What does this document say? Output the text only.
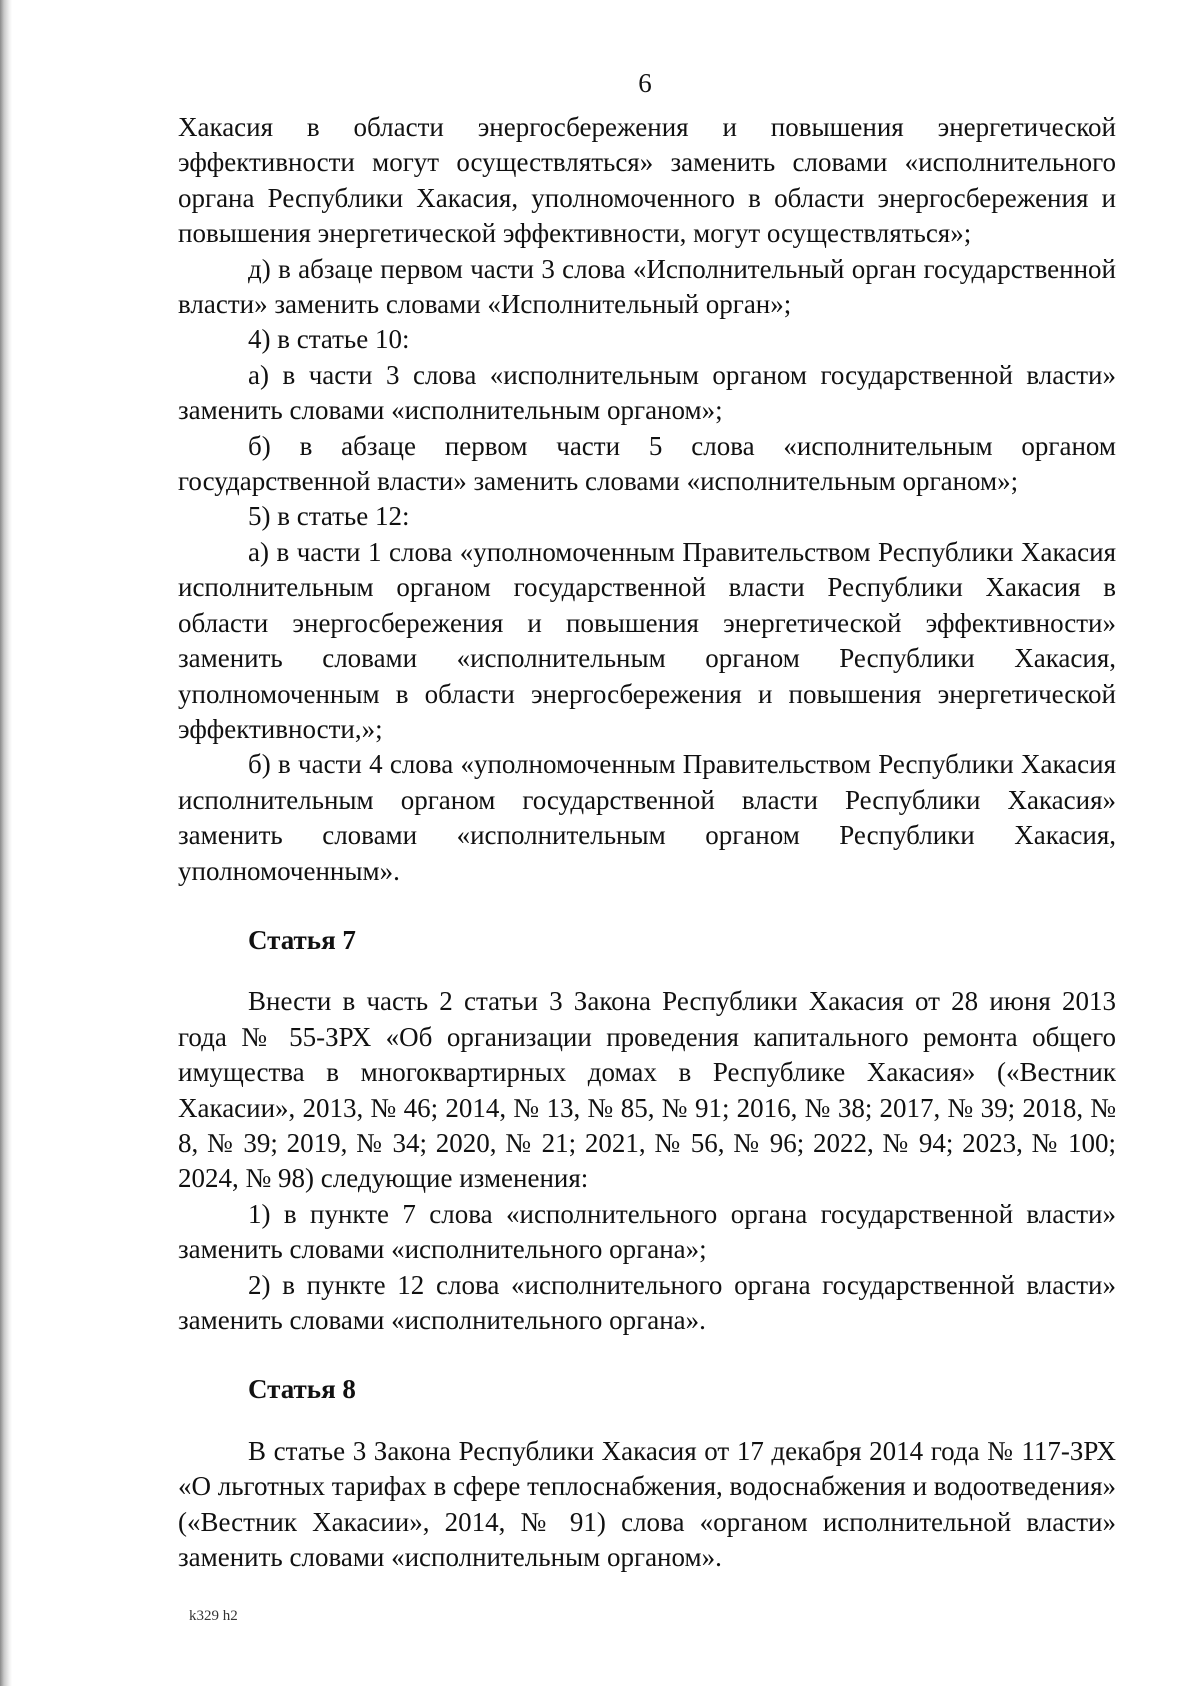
6

Хакасия в области энергосбережения и повышения энергетической эффективности могут осуществляться» заменить словами «исполнительного органа Республики Хакасия, уполномоченного в области энергосбережения и повышения энергетической эффективности, могут осуществляться»;

д) в абзаце первом части 3 слова «Исполнительный орган государственной власти» заменить словами «Исполнительный орган»;

4) в статье 10:

а) в части 3 слова «исполнительным органом государственной власти» заменить словами «исполнительным органом»;

б) в абзаце первом части 5 слова «исполнительным органом государственной власти» заменить словами «исполнительным органом»;

5) в статье 12:

а) в части 1 слова «уполномоченным Правительством Республики Хакасия исполнительным органом государственной власти Республики Хакасия в области энергосбережения и повышения энергетической эффективности» заменить словами «исполнительным органом Республики Хакасия, уполномоченным в области энергосбережения и повышения энергетической эффективности,»;

б) в части 4 слова «уполномоченным Правительством Республики Хакасия исполнительным органом государственной власти Республики Хакасия» заменить словами «исполнительным органом Республики Хакасия, уполномоченным».

Статья 7

Внести в часть 2 статьи 3 Закона Республики Хакасия от 28 июня 2013 года № 55-ЗРХ «Об организации проведения капитального ремонта общего имущества в многоквартирных домах в Республике Хакасия» («Вестник Хакасии», 2013, № 46; 2014, № 13, № 85, № 91; 2016, № 38; 2017, № 39; 2018, № 8, № 39; 2019, № 34; 2020, № 21; 2021, № 56, № 96; 2022, № 94; 2023, № 100; 2024, № 98) следующие изменения:

1) в пункте 7 слова «исполнительного органа государственной власти» заменить словами «исполнительного органа»;

2) в пункте 12 слова «исполнительного органа государственной власти» заменить словами «исполнительного органа».

Статья 8

В статье 3 Закона Республики Хакасия от 17 декабря 2014 года № 117-ЗРХ «О льготных тарифах в сфере теплоснабжения, водоснабжения и водоотведения» («Вестник Хакасии», 2014, № 91) слова «органом исполнительной власти» заменить словами «исполнительным органом».

k329 h2
